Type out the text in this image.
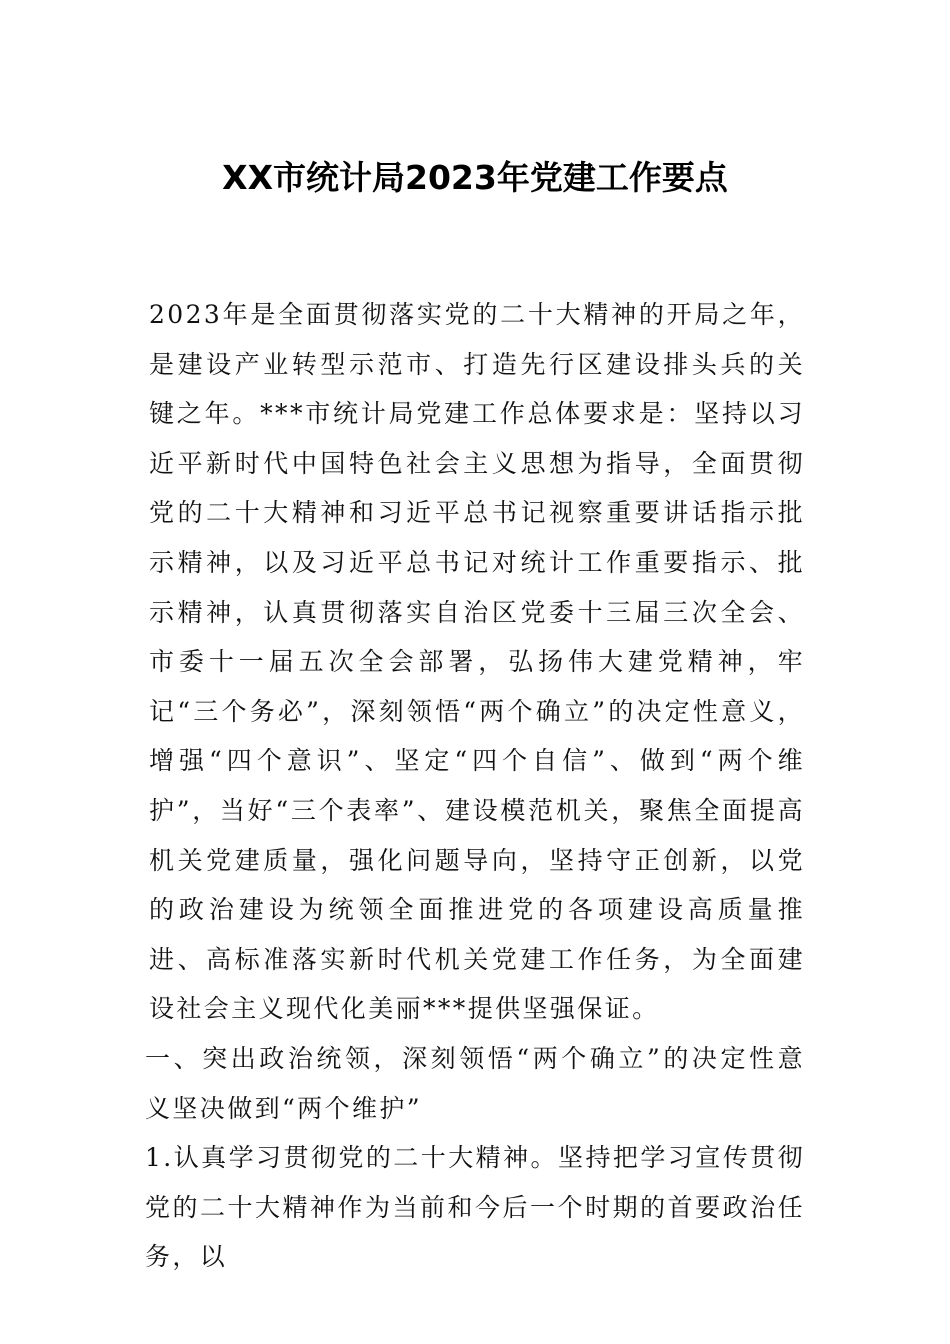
XX市统计局2023年党建工作要点

2023年是全面贯彻落实党的二十大精神的开局之年，是建设产业转型示范市、打造先行区建设排头兵的关键之年。***市统计局党建工作总体要求是：坚持以习近平新时代中国特色社会主义思想为指导，全面贯彻党的二十大精神和习近平总书记视察重要讲话指示批示精神，以及习近平总书记对统计工作重要指示、批示精神，认真贯彻落实自治区党委十三届三次全会、市委十一届五次全会部署，弘扬伟大建党精神，牢记“三个务必”，深刻领悟“两个确立”的决定性意义，增强“四个意识”、坚定“四个自信”、做到“两个维护”，当好“三个表率”、建设模范机关，聚焦全面提高机关党建质量，强化问题导向，坚持守正创新，以党的政治建设为统领全面推进党的各项建设高质量推进、高标准落实新时代机关党建工作任务，为全面建设社会主义现代化美丽***提供坚强保证。

一、突出政治统领，深刻领悟“两个确立”的决定性意义坚决做到“两个维护”

1.认真学习贯彻党的二十大精神。坚持把学习宣传贯彻党的二十大精神作为当前和今后一个时期的首要政治任务，以
